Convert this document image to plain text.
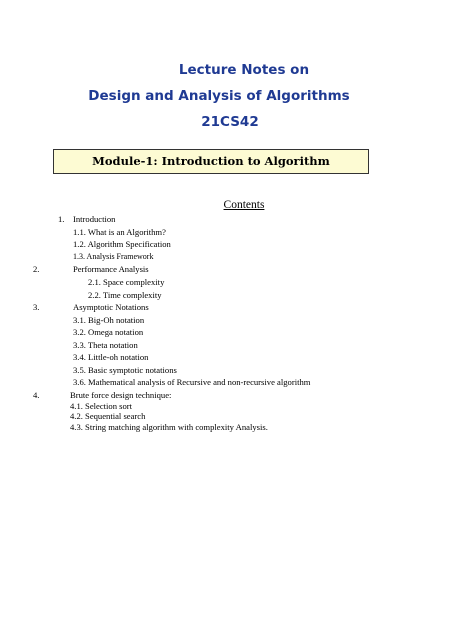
Lecture Notes on
Design and Analysis of Algorithms
21CS42
Module-1: Introduction to Algorithm
Contents
1. Introduction
1.1. What is an Algorithm?
1.2. Algorithm Specification
1.3. Analysis Framework
2.	Performance Analysis
2.1. Space complexity
2.2. Time complexity
3.	Asymptotic Notations
3.1. Big-Oh notation
3.2. Omega notation
3.3. Theta notation
3.4. Little-oh notation
3.5. Basic symptotic notations
3.6. Mathematical analysis of Recursive and non-recursive algorithm
4.	Brute force design technique:
4.1. Selection sort
4.2. Sequential search
4.3. String matching algorithm with complexity Analysis.
